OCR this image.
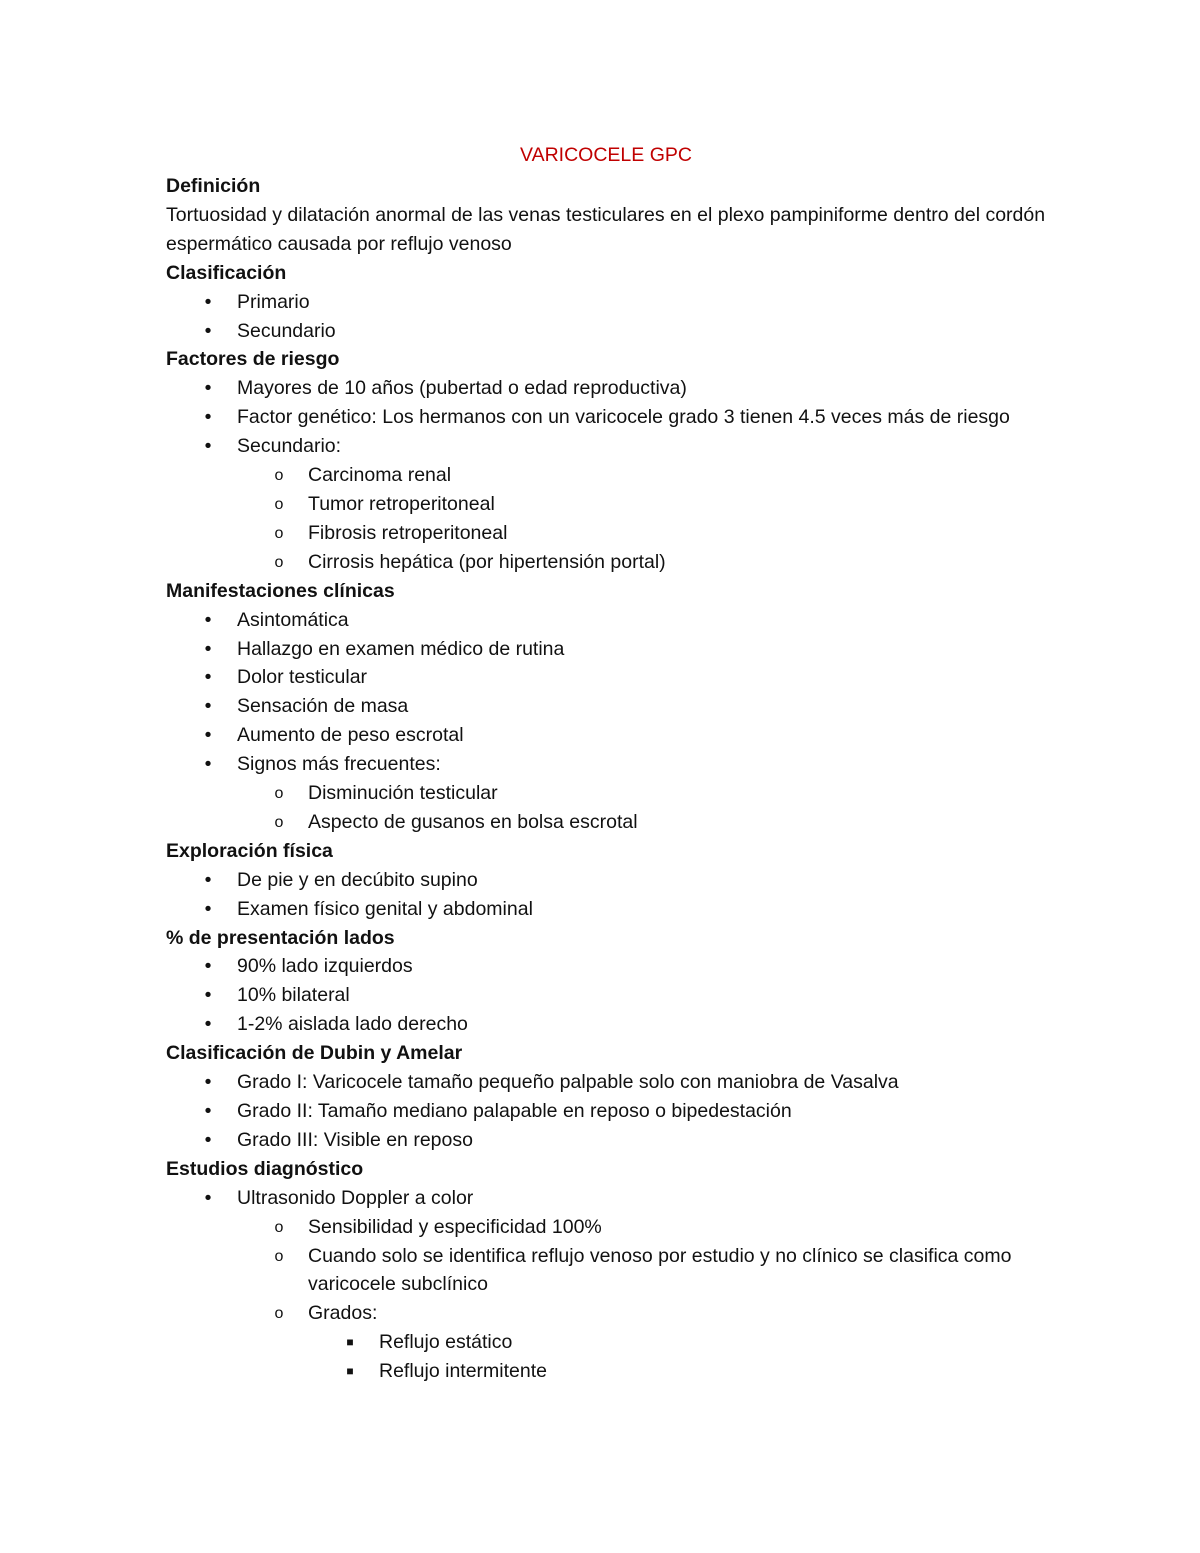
VARICOCELE GPC
Definición

Tortuosidad y dilatación anormal de las venas testiculares en el plexo pampiniforme dentro del cordón espermático causada por reflujo venoso

Clasificación
• Primario
• Secundario
Factores de riesgo
• Mayores de 10 años (pubertad o edad reproductiva)
• Factor genético: Los hermanos con un varicocele grado 3 tienen 4.5 veces más de riesgo
• Secundario:
o Carcinoma renal
o Tumor retroperitoneal
o Fibrosis retroperitoneal
o Cirrosis hepática (por hipertensión portal)
Manifestaciones clínicas
• Asintomática
• Hallazgo en examen médico de rutina
• Dolor testicular
• Sensación de masa
• Aumento de peso escrotal
• Signos más frecuentes:
o Disminución testicular
o Aspecto de gusanos en bolsa escrotal
Exploración física
• De pie y en decúbito supino
• Examen físico genital y abdominal
% de presentación lados
• 90% lado izquierdos
• 10% bilateral
• 1-2% aislada lado derecho
Clasificación de Dubin y Amelar
• Grado I: Varicocele tamaño pequeño palpable solo con maniobra de Vasalva
• Grado II: Tamaño mediano palapable en reposo o bipedestación
• Grado III: Visible en reposo
Estudios diagnóstico
• Ultrasonido Doppler a color
o Sensibilidad y especificidad 100%
o Cuando solo se identifica reflujo venoso por estudio y no clínico se clasifica como varicocele subclínico
o Grados:
■ Reflujo estático
■ Reflujo intermitente
